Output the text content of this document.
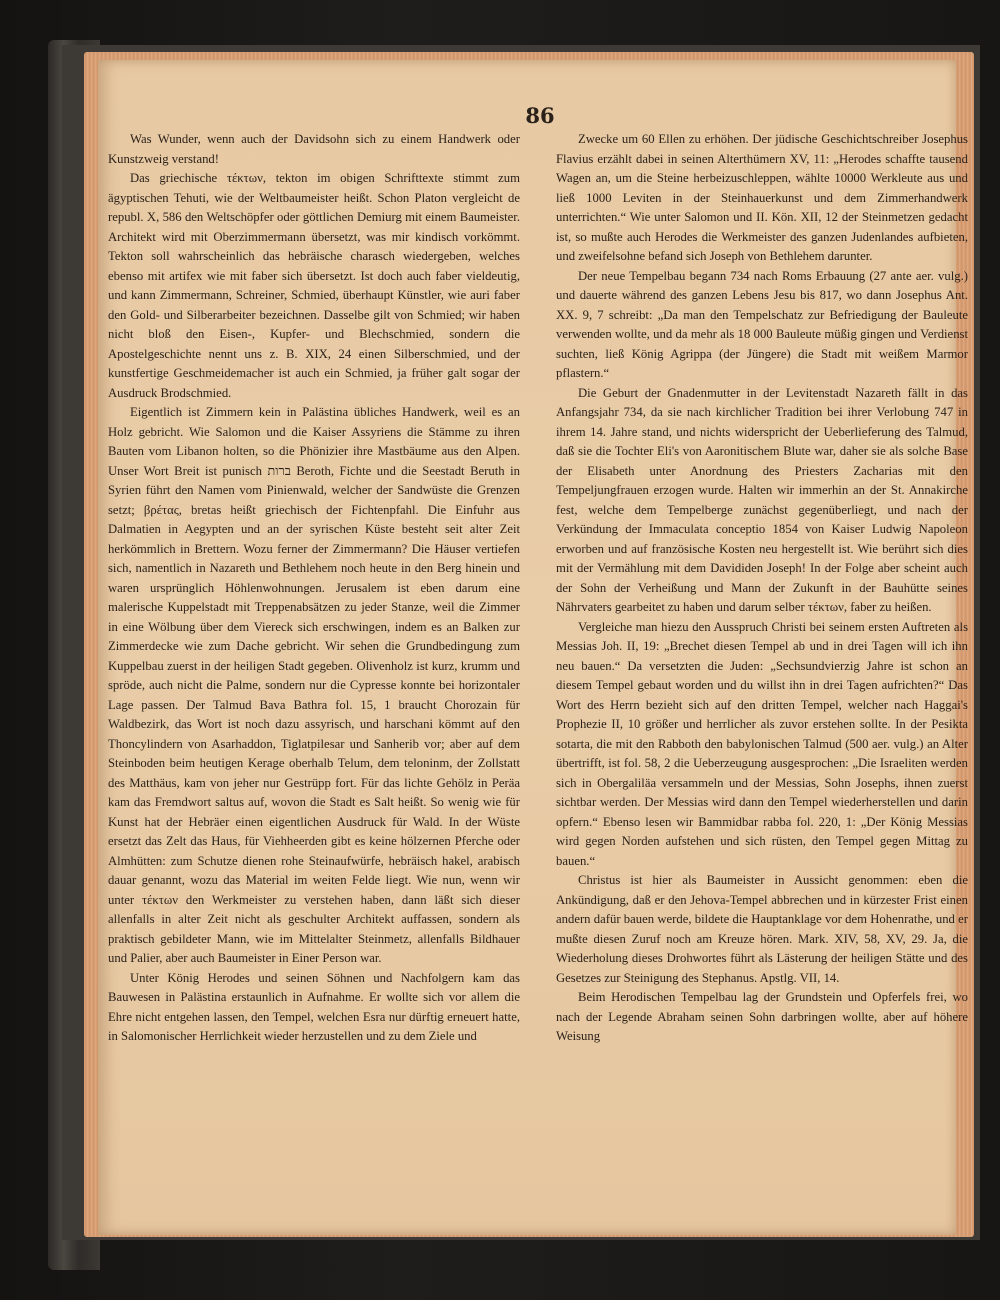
86

Was Wunder, wenn auch der Davidsohn sich zu einem Handwerk oder Kunstzweig verstand!

Das griechische τέκτων, tekton im obigen Schrifttexte stimmt zum ägyptischen Tehuti, wie der Weltbaumeister heißt. Schon Platon vergleicht de republ. X, 586 den Weltschöpfer oder göttlichen Demiurg mit einem Baumeister. Architekt wird mit Oberzimmermann übersetzt, was mir kindisch vorkömmt. Tekton soll wahrscheinlich das hebräische charasch wiedergeben, welches ebenso mit artifex wie mit faber sich übersetzt. Ist doch auch faber vieldeutig, und kann Zimmermann, Schreiner, Schmied, überhaupt Künstler, wie auri faber den Gold- und Silberarbeiter bezeichnen. Dasselbe gilt von Schmied; wir haben nicht bloß den Eisen-, Kupfer- und Blechschmied, sondern die Apostelgeschichte nennt uns z. B. XIX, 24 einen Silberschmied, und der kunstfertige Geschmeidemacher ist auch ein Schmied, ja früher galt sogar der Ausdruck Brodschmied.

Eigentlich ist Zimmern kein in Palästina übliches Handwerk, weil es an Holz gebricht. Wie Salomon und die Kaiser Assyriens die Stämme zu ihren Bauten vom Libanon holten, so die Phönizier ihre Mastbäume aus den Alpen. Unser Wort Breit ist punisch ברות Beroth, Fichte und die Seestadt Beruth in Syrien führt den Namen vom Pinienwald, welcher der Sandwüste die Grenzen setzt; βρέτας, bretas heißt griechisch der Fichtenpfahl. Die Einfuhr aus Dalmatien in Aegypten und an der syrischen Küste besteht seit alter Zeit herkömmlich in Brettern. Wozu ferner der Zimmermann? Die Häuser vertiefen sich, namentlich in Nazareth und Bethlehem noch heute in den Berg hinein und waren ursprünglich Höhlenwohnungen. Jerusalem ist eben darum eine malerische Kuppelstadt mit Treppenabsätzen zu jeder Stanze, weil die Zimmer in eine Wölbung über dem Viereck sich erschwingen, indem es an Balken zur Zimmerdecke wie zum Dache gebricht. Wir sehen die Grundbedingung zum Kuppelbau zuerst in der heiligen Stadt gegeben. Olivenholz ist kurz, krumm und spröde, auch nicht die Palme, sondern nur die Cypresse konnte bei horizontaler Lage passen. Der Talmud Bava Bathra fol. 15, 1 braucht Chorozain für Waldbezirk, das Wort ist noch dazu assyrisch, und harschani kömmt auf den Thoncylindern von Asarhaddon, Tiglatpilesar und Sanherib vor; aber auf dem Steinboden beim heutigen Kerage oberhalb Telum, dem teloninm, der Zollstatt des Matthäus, kam von jeher nur Gestrüpp fort. Für das lichte Gehölz in Peräa kam das Fremdwort saltus auf, wovon die Stadt es Salt heißt. So wenig wie für Kunst hat der Hebräer einen eigentlichen Ausdruck für Wald. In der Wüste ersetzt das Zelt das Haus, für Viehheerden gibt es keine hölzernen Pferche oder Almhütten: zum Schutze dienen rohe Steinaufwürfe, hebräisch hakel, arabisch dauar genannt, wozu das Material im weiten Felde liegt. Wie nun, wenn wir unter τέκτων den Werkmeister zu verstehen haben, dann läßt sich dieser allenfalls in alter Zeit nicht als geschulter Architekt auffassen, sondern als praktisch gebildeter Mann, wie im Mittelalter Steinmetz, allenfalls Bildhauer und Palier, aber auch Baumeister in Einer Person war.

Unter König Herodes und seinen Söhnen und Nachfolgern kam das Bauwesen in Palästina erstaunlich in Aufnahme. Er wollte sich vor allem die Ehre nicht entgehen lassen, den Tempel, welchen Esra nur dürftig erneuert hatte, in Salomonischer Herrlichkeit wieder herzustellen und zu dem Ziele und

Zwecke um 60 Ellen zu erhöhen. Der jüdische Geschichtschreiber Josephus Flavius erzählt dabei in seinen Alterthümern XV, 11: „Herodes schaffte tausend Wagen an, um die Steine herbeizuschleppen, wählte 10000 Werkleute aus und ließ 1000 Leviten in der Steinhauerkunst und dem Zimmerhandwerk unterrichten.“ Wie unter Salomon und II. Kön. XII, 12 der Steinmetzen gedacht ist, so mußte auch Herodes die Werkmeister des ganzen Judenlandes aufbieten, und zweifelsohne befand sich Joseph von Bethlehem darunter.

Der neue Tempelbau begann 734 nach Roms Erbauung (27 ante aer. vulg.) und dauerte während des ganzen Lebens Jesu bis 817, wo dann Josephus Ant. XX. 9, 7 schreibt: „Da man den Tempelschatz zur Befriedigung der Bauleute verwenden wollte, und da mehr als 18 000 Bauleute müßig gingen und Verdienst suchten, ließ König Agrippa (der Jüngere) die Stadt mit weißem Marmor pflastern.“

Die Geburt der Gnadenmutter in der Levitenstadt Nazareth fällt in das Anfangsjahr 734, da sie nach kirchlicher Tradition bei ihrer Verlobung 747 in ihrem 14. Jahre stand, und nichts widerspricht der Ueberlieferung des Talmud, daß sie die Tochter Eli's von Aaronitischem Blute war, daher sie als solche Base der Elisabeth unter Anordnung des Priesters Zacharias mit den Tempeljungfrauen erzogen wurde. Halten wir immerhin an der St. Annakirche fest, welche dem Tempelberge zunächst gegenüberliegt, und nach der Verkündung der Immaculata conceptio 1854 von Kaiser Ludwig Napoleon erworben und auf französische Kosten neu hergestellt ist. Wie berührt sich dies mit der Vermählung mit dem Davididen Joseph! In der Folge aber scheint auch der Sohn der Verheißung und Mann der Zukunft in der Bauhütte seines Nährvaters gearbeitet zu haben und darum selber τέκτων, faber zu heißen.

Vergleiche man hiezu den Ausspruch Christi bei seinem ersten Auftreten als Messias Joh. II, 19: „Brechet diesen Tempel ab und in drei Tagen will ich ihn neu bauen.“ Da versetzten die Juden: „Sechsundvierzig Jahre ist schon an diesem Tempel gebaut worden und du willst ihn in drei Tagen aufrichten?“ Das Wort des Herrn bezieht sich auf den dritten Tempel, welcher nach Haggai's Prophezie II, 10 größer und herrlicher als zuvor erstehen sollte. In der Pesikta sotarta, die mit den Rabboth den babylonischen Talmud (500 aer. vulg.) an Alter übertrifft, ist fol. 58, 2 die Ueberzeugung ausgesprochen: „Die Israeliten werden sich in Obergaliläa versammeln und der Messias, Sohn Josephs, ihnen zuerst sichtbar werden. Der Messias wird dann den Tempel wiederherstellen und darin opfern.“ Ebenso lesen wir Bammidbar rabba fol. 220, 1: „Der König Messias wird gegen Norden aufstehen und sich rüsten, den Tempel gegen Mittag zu bauen.“

Christus ist hier als Baumeister in Aussicht genommen: eben die Ankündigung, daß er den Jehova-Tempel abbrechen und in kürzester Frist einen andern dafür bauen werde, bildete die Hauptanklage vor dem Hohenrathe, und er mußte diesen Zuruf noch am Kreuze hören. Mark. XIV, 58, XV, 29. Ja, die Wiederholung dieses Drohwortes führt als Lästerung der heiligen Stätte und des Gesetzes zur Steinigung des Stephanus. Apstlg. VII, 14.

Beim Herodischen Tempelbau lag der Grundstein und Opferfels frei, wo nach der Legende Abraham seinen Sohn darbringen wollte, aber auf höhere Weisung
